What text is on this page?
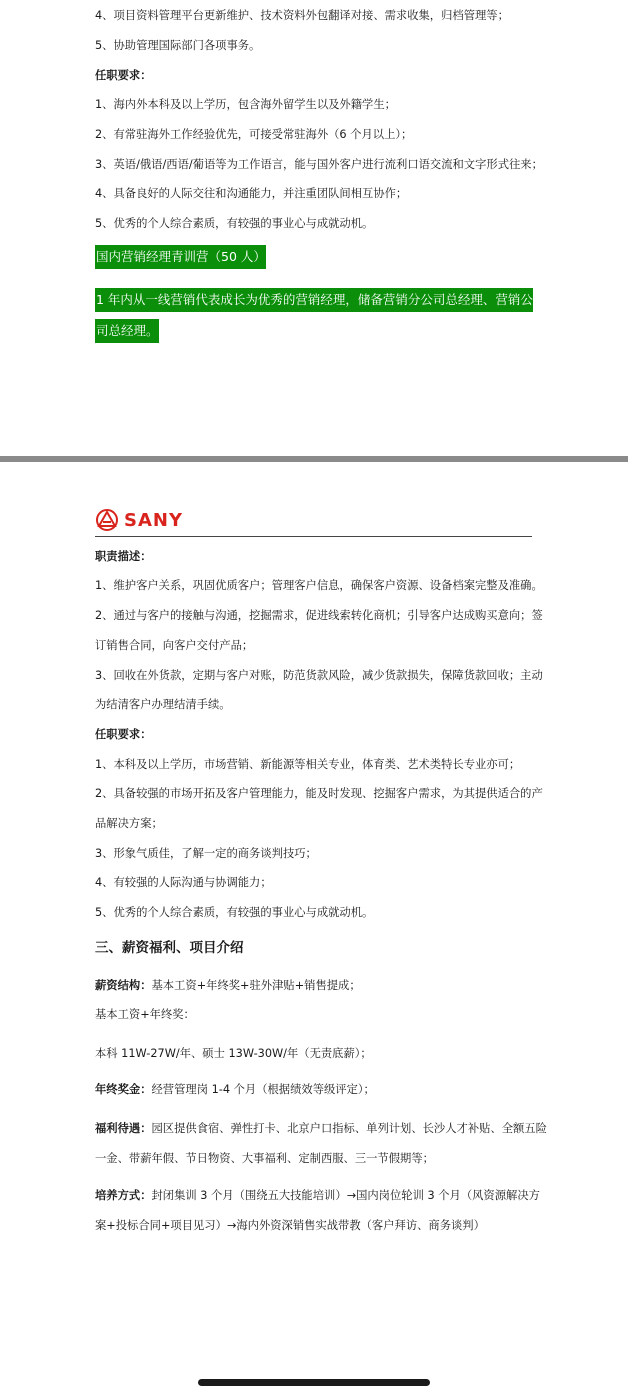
4、项目资料管理平台更新维护、技术资料外包翻译对接、需求收集，归档管理等；
5、协助管理国际部门各项事务。
任职要求：
1、海内外本科及以上学历，包含海外留学生以及外籍学生；
2、有常驻海外工作经验优先，可接受常驻海外（6 个月以上）；
3、英语/俄语/西语/葡语等为工作语言，能与国外客户进行流利口语交流和文字形式往来；
4、具备良好的人际交往和沟通能力，并注重团队间相互协作；
5、优秀的个人综合素质，有较强的事业心与成就动机。
国内营销经理青训营（50 人）
1 年内从一线营销代表成长为优秀的营销经理，储备营销分公司总经理、营销公
司总经理。
SANY
职责描述：
1、维护客户关系，巩固优质客户；管理客户信息，确保客户资源、设备档案完整及准确。
2、通过与客户的接触与沟通，挖掘需求，促进线索转化商机；引导客户达成购买意向；签
订销售合同，向客户交付产品；
3、回收在外货款，定期与客户对账，防范货款风险，减少货款损失，保障货款回收；主动
为结清客户办理结清手续。
任职要求：
1、本科及以上学历，市场营销、新能源等相关专业，体育类、艺术类特长专业亦可；
2、具备较强的市场开拓及客户管理能力，能及时发现、挖掘客户需求，为其提供适合的产
品解决方案；
3、形象气质佳，了解一定的商务谈判技巧；
4、有较强的人际沟通与协调能力；
5、优秀的个人综合素质，有较强的事业心与成就动机。
三、薪资福利、项目介绍
薪资结构：基本工资+年终奖+驻外津贴+销售提成；
基本工资+年终奖：
本科 11W-27W/年、硕士 13W-30W/年（无责底薪）；
年终奖金：经营管理岗 1-4 个月（根据绩效等级评定）；
福利待遇：园区提供食宿、弹性打卡、北京户口指标、单列计划、长沙人才补贴、全额五险
一金、带薪年假、节日物资、大事福利、定制西服、三一节假期等；
培养方式：封闭集训 3 个月（围绕五大技能培训）→国内岗位轮训 3 个月（风资源解决方
案+投标合同+项目见习）→海内外资深销售实战带教（客户拜访、商务谈判）
